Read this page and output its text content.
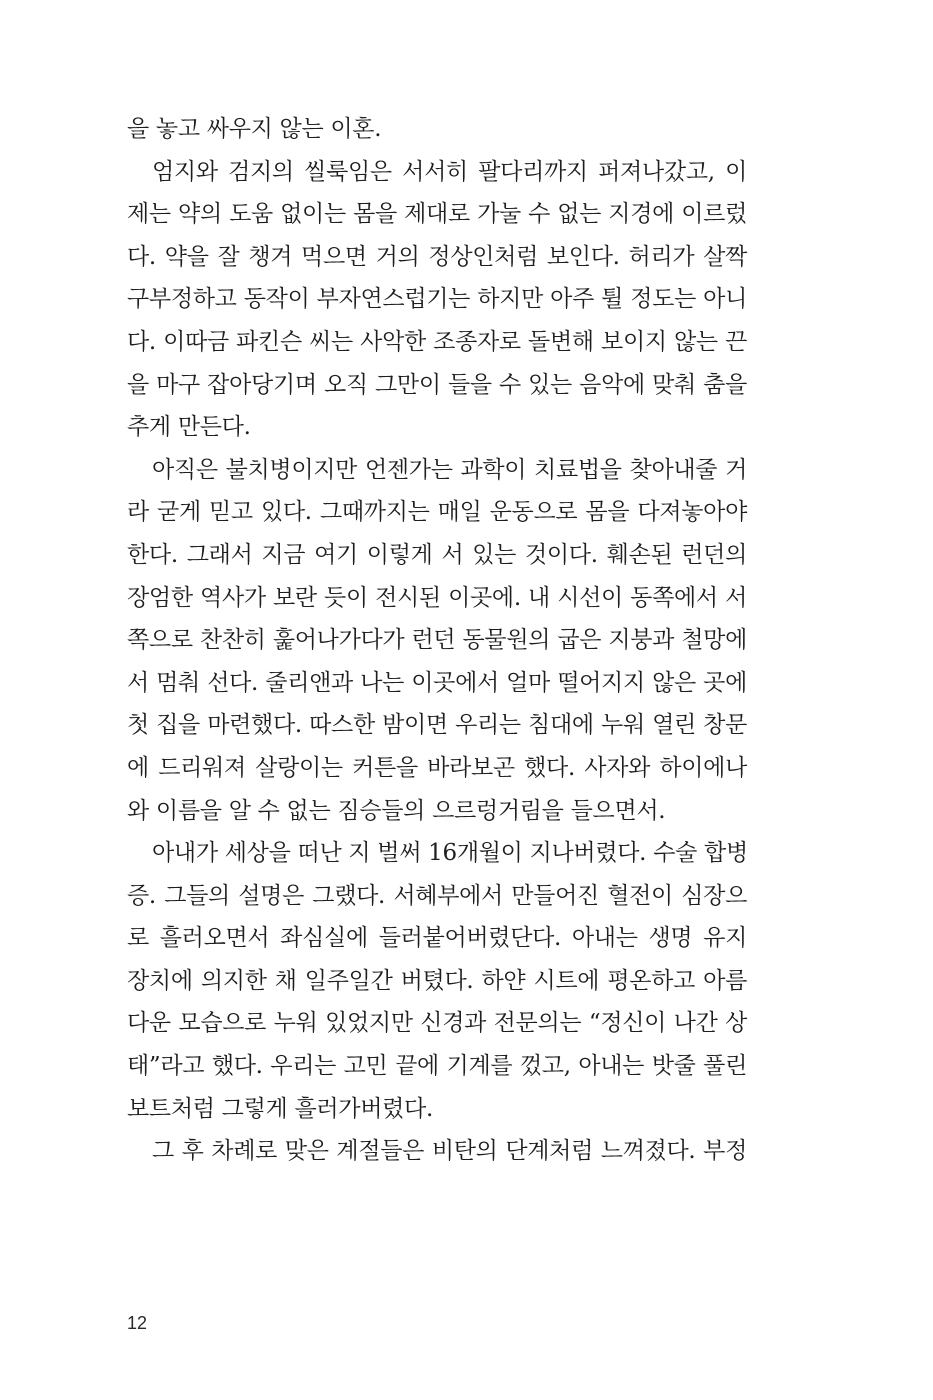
을 놓고 싸우지 않는 이혼.
엄지와 검지의 씰룩임은 서서히 팔다리까지 퍼져나갔고, 이
제는 약의 도움 없이는 몸을 제대로 가눌 수 없는 지경에 이르렀
다. 약을 잘 챙겨 먹으면 거의 정상인처럼 보인다. 허리가 살짝
구부정하고 동작이 부자연스럽기는 하지만 아주 튈 정도는 아니
다. 이따금 파킨슨 씨는 사악한 조종자로 돌변해 보이지 않는 끈
을 마구 잡아당기며 오직 그만이 들을 수 있는 음악에 맞춰 춤을
추게 만든다.
아직은 불치병이지만 언젠가는 과학이 치료법을 찾아내줄 거
라 굳게 믿고 있다. 그때까지는 매일 운동으로 몸을 다져놓아야
한다. 그래서 지금 여기 이렇게 서 있는 것이다. 훼손된 런던의
장엄한 역사가 보란 듯이 전시된 이곳에. 내 시선이 동쪽에서 서
쪽으로 찬찬히 훑어나가다가 런던 동물원의 굽은 지붕과 철망에
서 멈춰 선다. 줄리앤과 나는 이곳에서 얼마 떨어지지 않은 곳에
첫 집을 마련했다. 따스한 밤이면 우리는 침대에 누워 열린 창문
에 드리워져 살랑이는 커튼을 바라보곤 했다. 사자와 하이에나
와 이름을 알 수 없는 짐승들의 으르렁거림을 들으면서.
아내가 세상을 떠난 지 벌써 16개월이 지나버렸다. 수술 합병
증. 그들의 설명은 그랬다. 서혜부에서 만들어진 혈전이 심장으
로 흘러오면서 좌심실에 들러붙어버렸단다. 아내는 생명 유지
장치에 의지한 채 일주일간 버텼다. 하얀 시트에 평온하고 아름
다운 모습으로 누워 있었지만 신경과 전문의는 “정신이 나간 상
태”라고 했다. 우리는 고민 끝에 기계를 껐고, 아내는 밧줄 풀린
보트처럼 그렇게 흘러가버렸다.
그 후 차례로 맞은 계절들은 비탄의 단계처럼 느껴졌다. 부정
12
